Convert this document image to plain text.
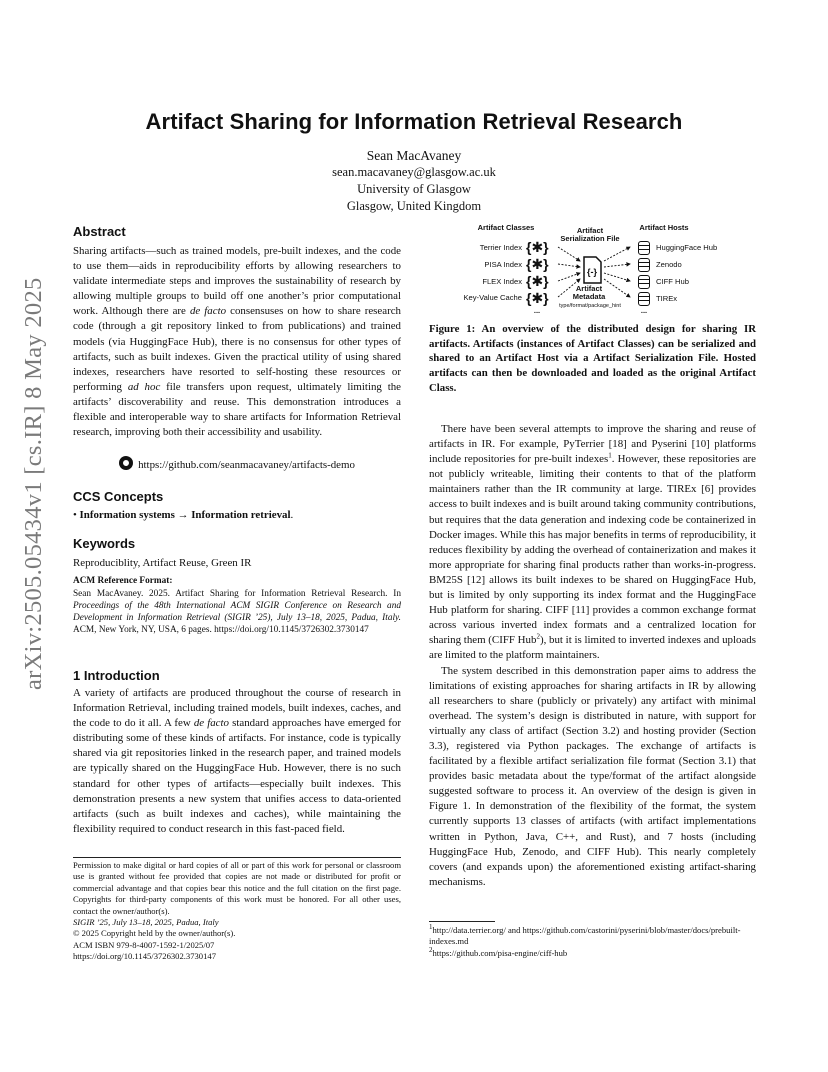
arXiv:2505.05434v1 [cs.IR] 8 May 2025
Artifact Sharing for Information Retrieval Research
Sean MacAvaney
sean.macavaney@glasgow.ac.uk
University of Glasgow
Glasgow, United Kingdom
Abstract
Sharing artifacts—such as trained models, pre-built indexes, and the code to use them—aids in reproducibility efforts by allowing researchers to validate intermediate steps and improves the sustainability of research by allowing multiple groups to build off one another’s prior computational work. Although there are de facto consensuses on how to share research code (through a git repository linked to from publications) and trained models (via HuggingFace Hub), there is no consensus for other types of artifacts, such as built indexes. Given the practical utility of using shared indexes, researchers have resorted to self-hosting these resources or performing ad hoc file transfers upon request, ultimately limiting the artifacts’ discoverability and reuse. This demonstration introduces a flexible and interoperable way to share artifacts for Information Retrieval research, improving both their accessibility and usability.
https://github.com/seanmacavaney/artifacts-demo
CCS Concepts
• Information systems → Information retrieval.
Keywords
Reproduciblity, Artifact Reuse, Green IR
ACM Reference Format:
Sean MacAvaney. 2025. Artifact Sharing for Information Retrieval Research. In Proceedings of the 48th International ACM SIGIR Conference on Research and Development in Information Retrieval (SIGIR ’25), July 13–18, 2025, Padua, Italy. ACM, New York, NY, USA, 6 pages. https://doi.org/10.1145/3726302.3730147
1 Introduction
A variety of artifacts are produced throughout the course of research in Information Retrieval, including trained models, built indexes, caches, and the code to do it all. A few de facto standard approaches have emerged for distributing some of these kinds of artifacts. For instance, code is typically shared via git repositories linked in the research paper, and trained models are typically shared on the HuggingFace Hub. However, there is no such standard for other types of artifacts—especially built indexes. This demonstration presents a new system that unifies access to data-oriented artifacts (such as built indexes and caches), while maintaining the flexibility required to conduct research in this fast-paced field.
Permission to make digital or hard copies of all or part of this work for personal or classroom use is granted without fee provided that copies are not made or distributed for profit or commercial advantage and that copies bear this notice and the full citation on the first page. Copyrights for third-party components of this work must be honored. For all other uses, contact the owner/author(s).
SIGIR ’25, July 13–18, 2025, Padua, Italy
© 2025 Copyright held by the owner/author(s).
ACM ISBN 979-8-4007-1592-1/2025/07
https://doi.org/10.1145/3726302.3730147
Artifact Classes	Artifact Serialization File
Artifact Hosts
Terrier Index
PISA Index
FLEX Index
Key-Value Cache
{✱}
{✱}
{✱}
{✱}
...
{-}
Artifact Metadata
type/format/package_hint	...
HuggingFace Hub
Zenodo
CIFF Hub
TIREx
Figure 1: An overview of the distributed design for sharing IR artifacts. Artifacts (instances of Artifact Classes) can be serialized and shared to an Artifact Host via a Artifact Serialization File. Hosted artifacts can then be downloaded and loaded as the original Artifact Class.

There have been several attempts to improve the sharing and reuse of artifacts in IR. For example, PyTerrier [18] and Pyserini [10] platforms include repositories for pre-built indexes$^1$. However, these repositories are not publicly writeable, limiting their contents to that of the platform maintainers rather than the IR community at large. TIREx [6] provides access to built indexes and is built around taking community contributions, but requires that the data generation and indexing code be containerized in Docker images. While this has major benefits in terms of reproducibility, it reduces flexibility by adding the overhead of containerization and makes it more appropriate for sharing final products rather than works-in-progress. BM25S [12] allows its built indexes to be shared on HuggingFace Hub, but is limited by only supporting its index format and the HuggingFace Hub platform for sharing. CIFF [11] provides a common exchange format across various inverted index formats and a centralized location for sharing them (CIFF Hub$^2$), but it is limited to inverted indexes and uploads are limited to the platform maintainers.

The system described in this demonstration paper aims to address the limitations of existing approaches for sharing artifacts in IR by allowing all researchers to share (publicly or privately) any artifact with minimal overhead. The system’s design is distributed in nature, with support for virtually any class of artifact (Section 3.2) and hosting provider (Section 3.3), registered via Python packages. The exchange of artifacts is facilitated by a flexible artifact serialization file format (Section 3.1) that provides basic metadata about the type/format of the artifact alongside suggested software to process it. An overview of the design is given in Figure 1. In demonstration of the flexibility of the format, the system currently supports 13 classes of artifacts (with artifact implementations written in Python, Java, C++, and Rust), and 7 hosts (including HuggingFace Hub, Zenodo, and CIFF Hub). This nearly completely covers (and expands upon) the aforementioned existing artifact-sharing mechanisms.

$^1$http://data.terrier.org/ and https://github.com/castorini/pyserini/blob/master/docs/prebuilt-indexes.md
$^2$https://github.com/pisa-engine/ciff-hub
